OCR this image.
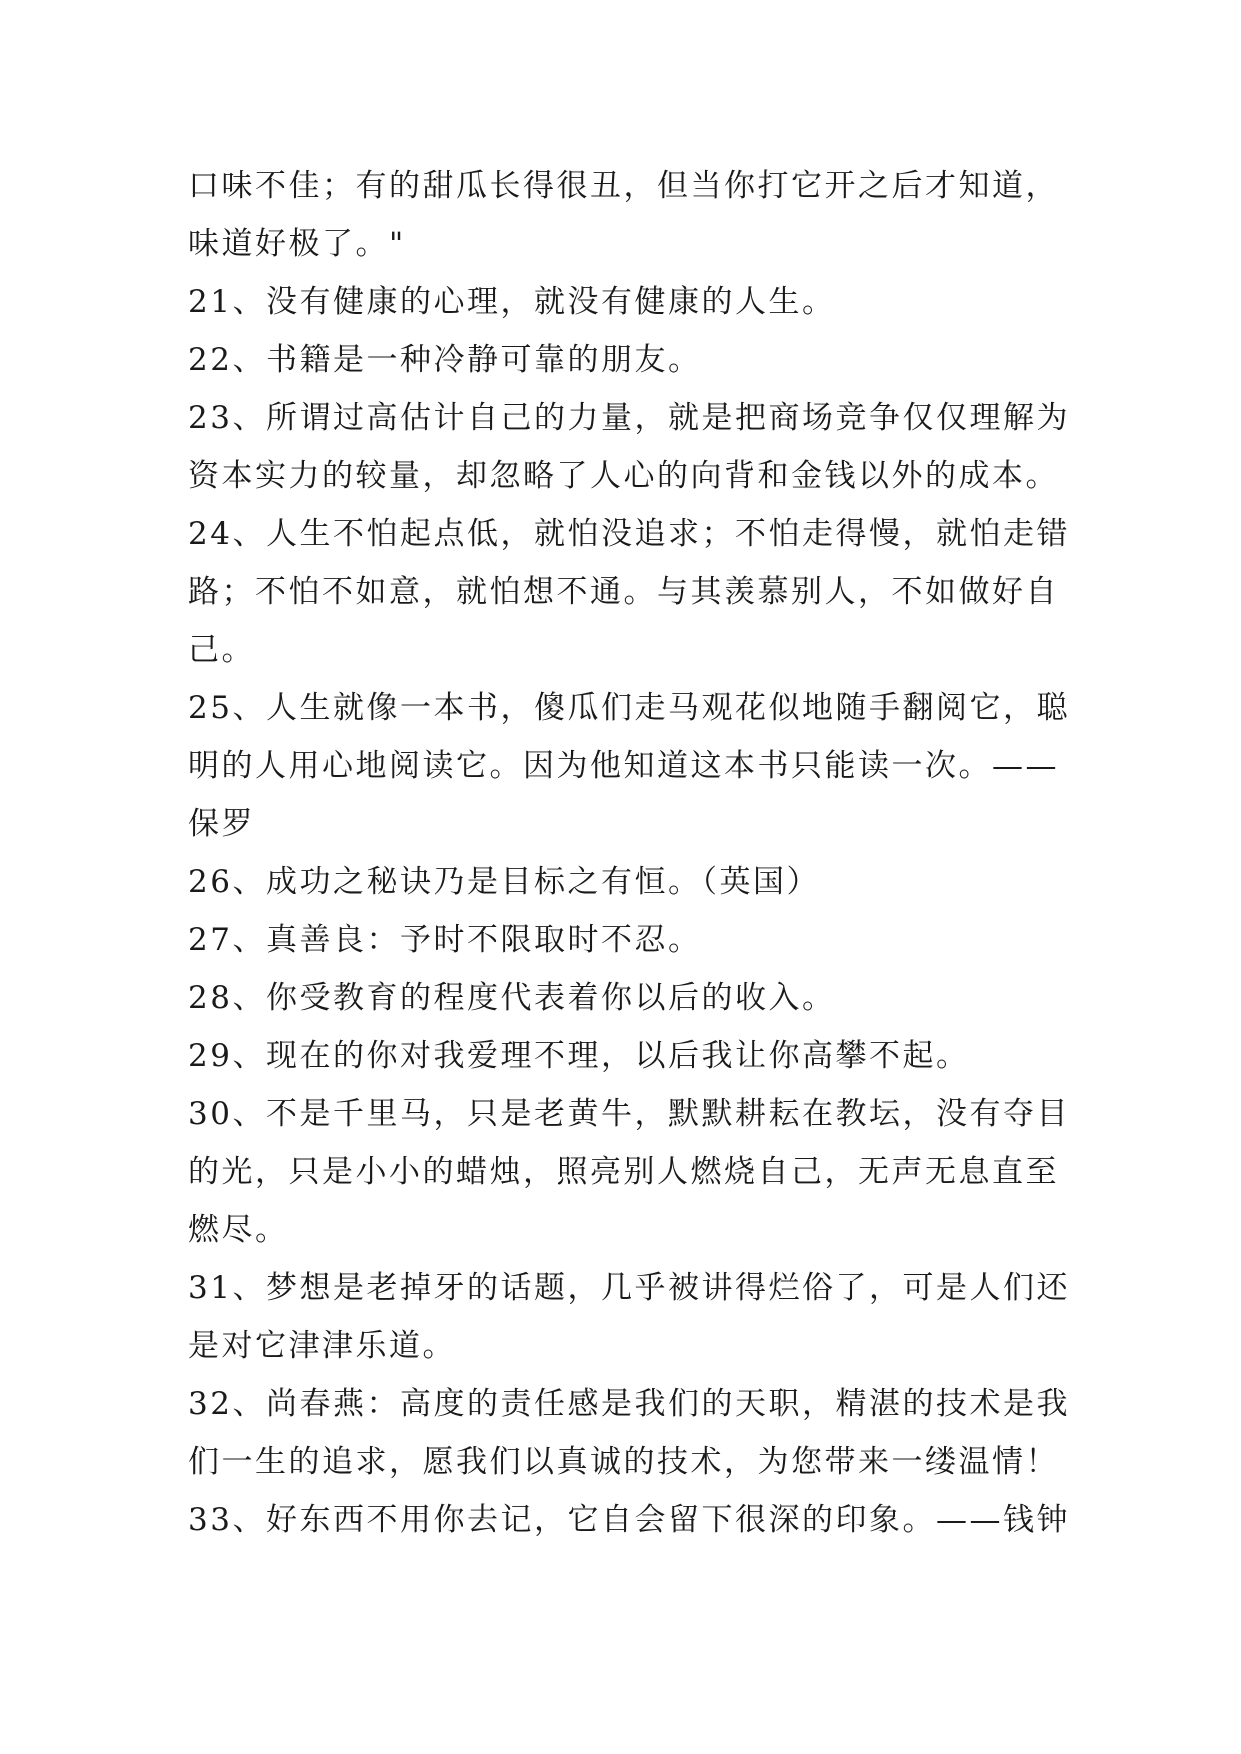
口味不佳；有的甜瓜长得很丑，但当你打它开之后才知道，
味道好极了。"
21、没有健康的心理，就没有健康的人生。
22、书籍是一种冷静可靠的朋友。
23、所谓过高估计自己的力量，就是把商场竞争仅仅理解为
资本实力的较量，却忽略了人心的向背和金钱以外的成本。
24、人生不怕起点低，就怕没追求；不怕走得慢，就怕走错
路；不怕不如意，就怕想不通。与其羡慕别人，不如做好自
己。
25、人生就像一本书，傻瓜们走马观花似地随手翻阅它，聪
明的人用心地阅读它。因为他知道这本书只能读一次。——
保罗
26、成功之秘诀乃是目标之有恒。（英国）
27、真善良：予时不限取时不忍。
28、你受教育的程度代表着你以后的收入。
29、现在的你对我爱理不理，以后我让你高攀不起。
30、不是千里马，只是老黄牛，默默耕耘在教坛，没有夺目
的光，只是小小的蜡烛，照亮别人燃烧自己，无声无息直至
燃尽。
31、梦想是老掉牙的话题，几乎被讲得烂俗了，可是人们还
是对它津津乐道。
32、尚春燕：高度的责任感是我们的天职，精湛的技术是我
们一生的追求，愿我们以真诚的技术，为您带来一缕温情！
33、好东西不用你去记，它自会留下很深的印象。——钱钟
